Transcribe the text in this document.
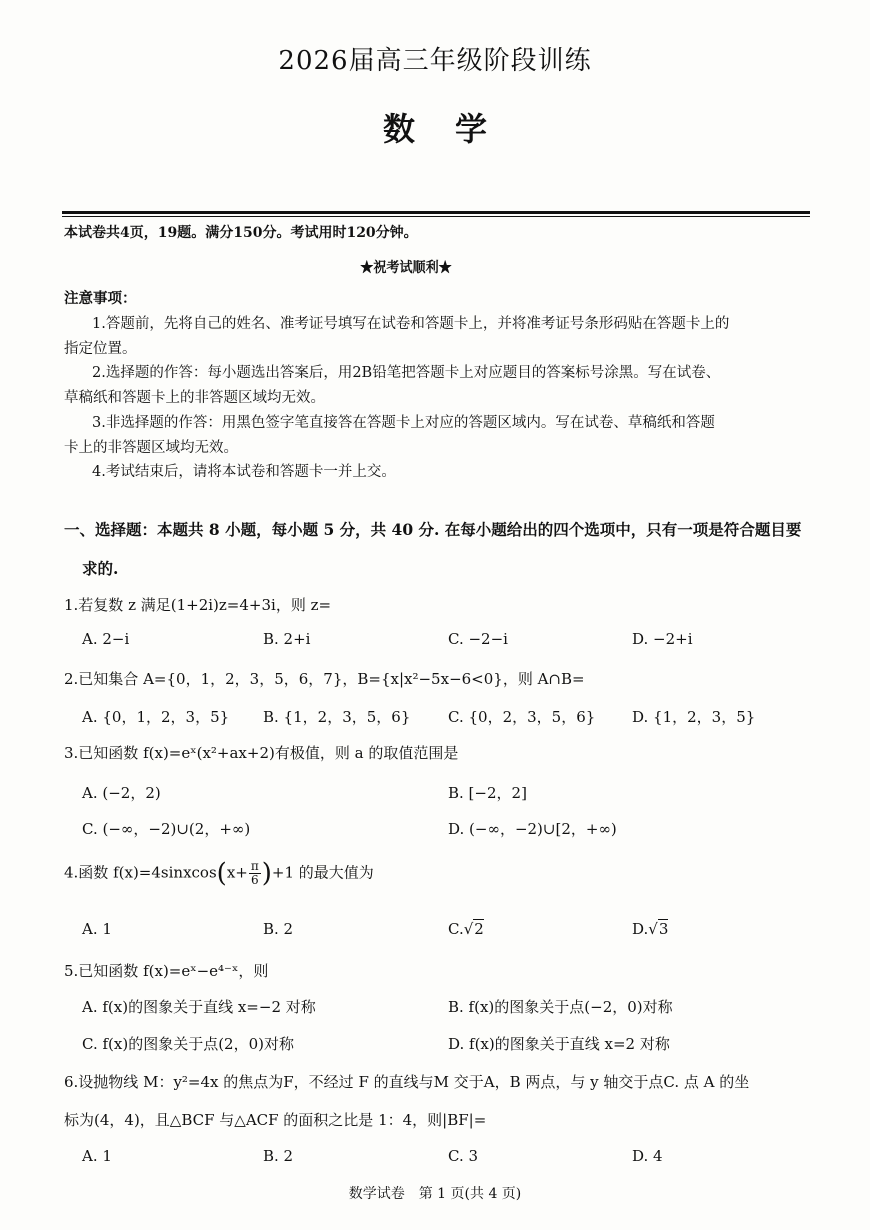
2026届高三年级阶段训练
数学
本试卷共4页，19题。满分150分。考试用时120分钟。
★祝考试顺利★
注意事项：
1.答题前，先将自己的姓名、准考证号填写在试卷和答题卡上，并将准考证号条形码贴在答题卡上的
指定位置。
2.选择题的作答：每小题选出答案后，用2B铅笔把答题卡上对应题目的答案标号涂黑。写在试卷、
草稿纸和答题卡上的非答题区域均无效。
3.非选择题的作答：用黑色签字笔直接答在答题卡上对应的答题区域内。写在试卷、草稿纸和答题
卡上的非答题区域均无效。
4.考试结束后，请将本试卷和答题卡一并上交。
一、选择题：本题共 8 小题，每小题 5 分，共 40 分. 在每小题给出的四个选项中，只有一项是符合题目要
求的.
1.若复数 z 满足(1+2i)z=4+3i，则 z=
A. 2−i	B. 2+i	C. −2−i	D. −2+i
2.已知集合 A={0，1，2，3，5，6，7}，B={x|x²−5x−6<0}，则 A∩B=
A. {0，1，2，3，5} B. {1，2，3，5，6}	C. {0，2，3，5，6} D. {1，2，3，5}
3.已知函数 f(x)=eˣ(x²+ax+2)有极值，则 a 的取值范围是
A. (−2，2)	B. [−2，2]
C. (−∞，−2)∪(2，+∞)	D. (−∞，−2)∪[2，+∞)
4.函数 f(x)=4sinxcos(x+ $\frac{\pi}{6} )+1$ 的最大值为
A. 1	B. 2	C.√2	D.√3
5.已知函数 f(x)=eˣ−e⁴⁻ˣ，则
A. f(x)的图象关于直线 x=−2 对称	B. f(x)的图象关于点(−2，0)对称
C. f(x)的图象关于点(2，0)对称	D. f(x)的图象关于直线 x=2 对称
6.设抛物线 M：y²=4x 的焦点为F，不经过 F 的直线与M 交于A，B 两点，与 y 轴交于点C. 点 A 的坐
标为(4，4)，且△BCF 与△ACF 的面积之比是 1：4，则|BF|=
A. 1	B. 2	C. 3	D. 4
数学试卷　第 1 页(共 4 页)
